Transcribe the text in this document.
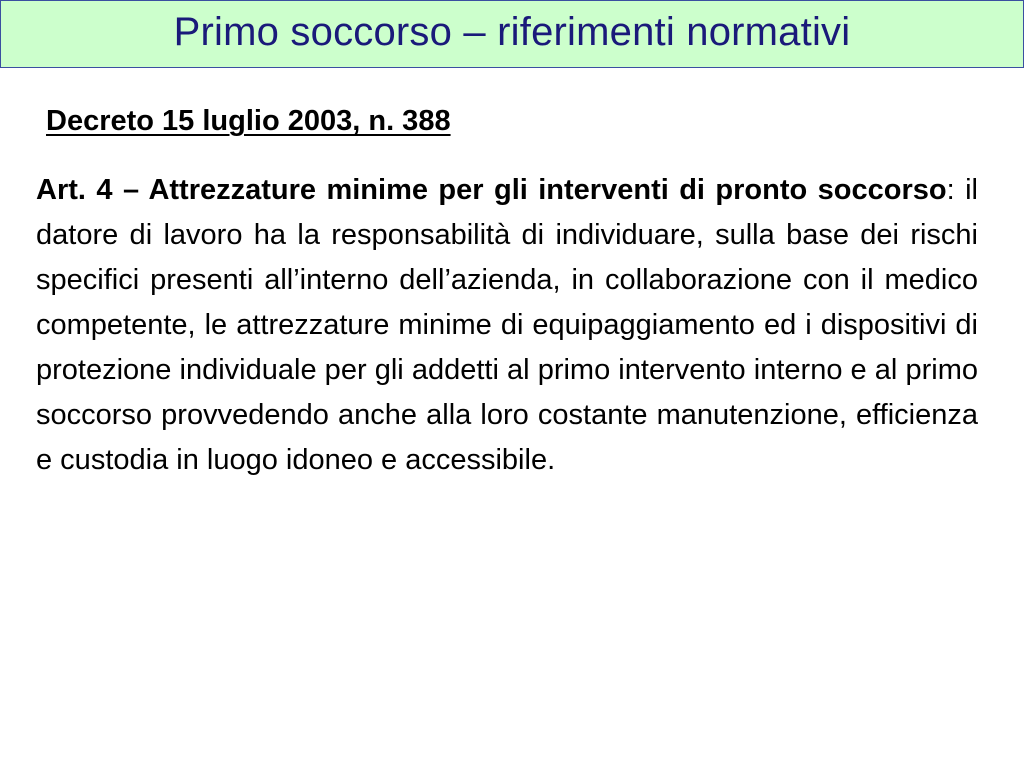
Primo soccorso – riferimenti normativi
Decreto 15 luglio 2003, n. 388

Art. 4 – Attrezzature minime per gli interventi di pronto soccorso: il datore di lavoro ha la responsabilità di individuare, sulla base dei rischi specifici presenti all’interno dell’azienda, in collaborazione con il medico competente, le attrezzature minime di equipaggiamento ed i dispositivi di protezione individuale per gli addetti al primo intervento interno e al primo soccorso provvedendo anche alla loro costante manutenzione, efficienza e custodia in luogo idoneo e accessibile.
